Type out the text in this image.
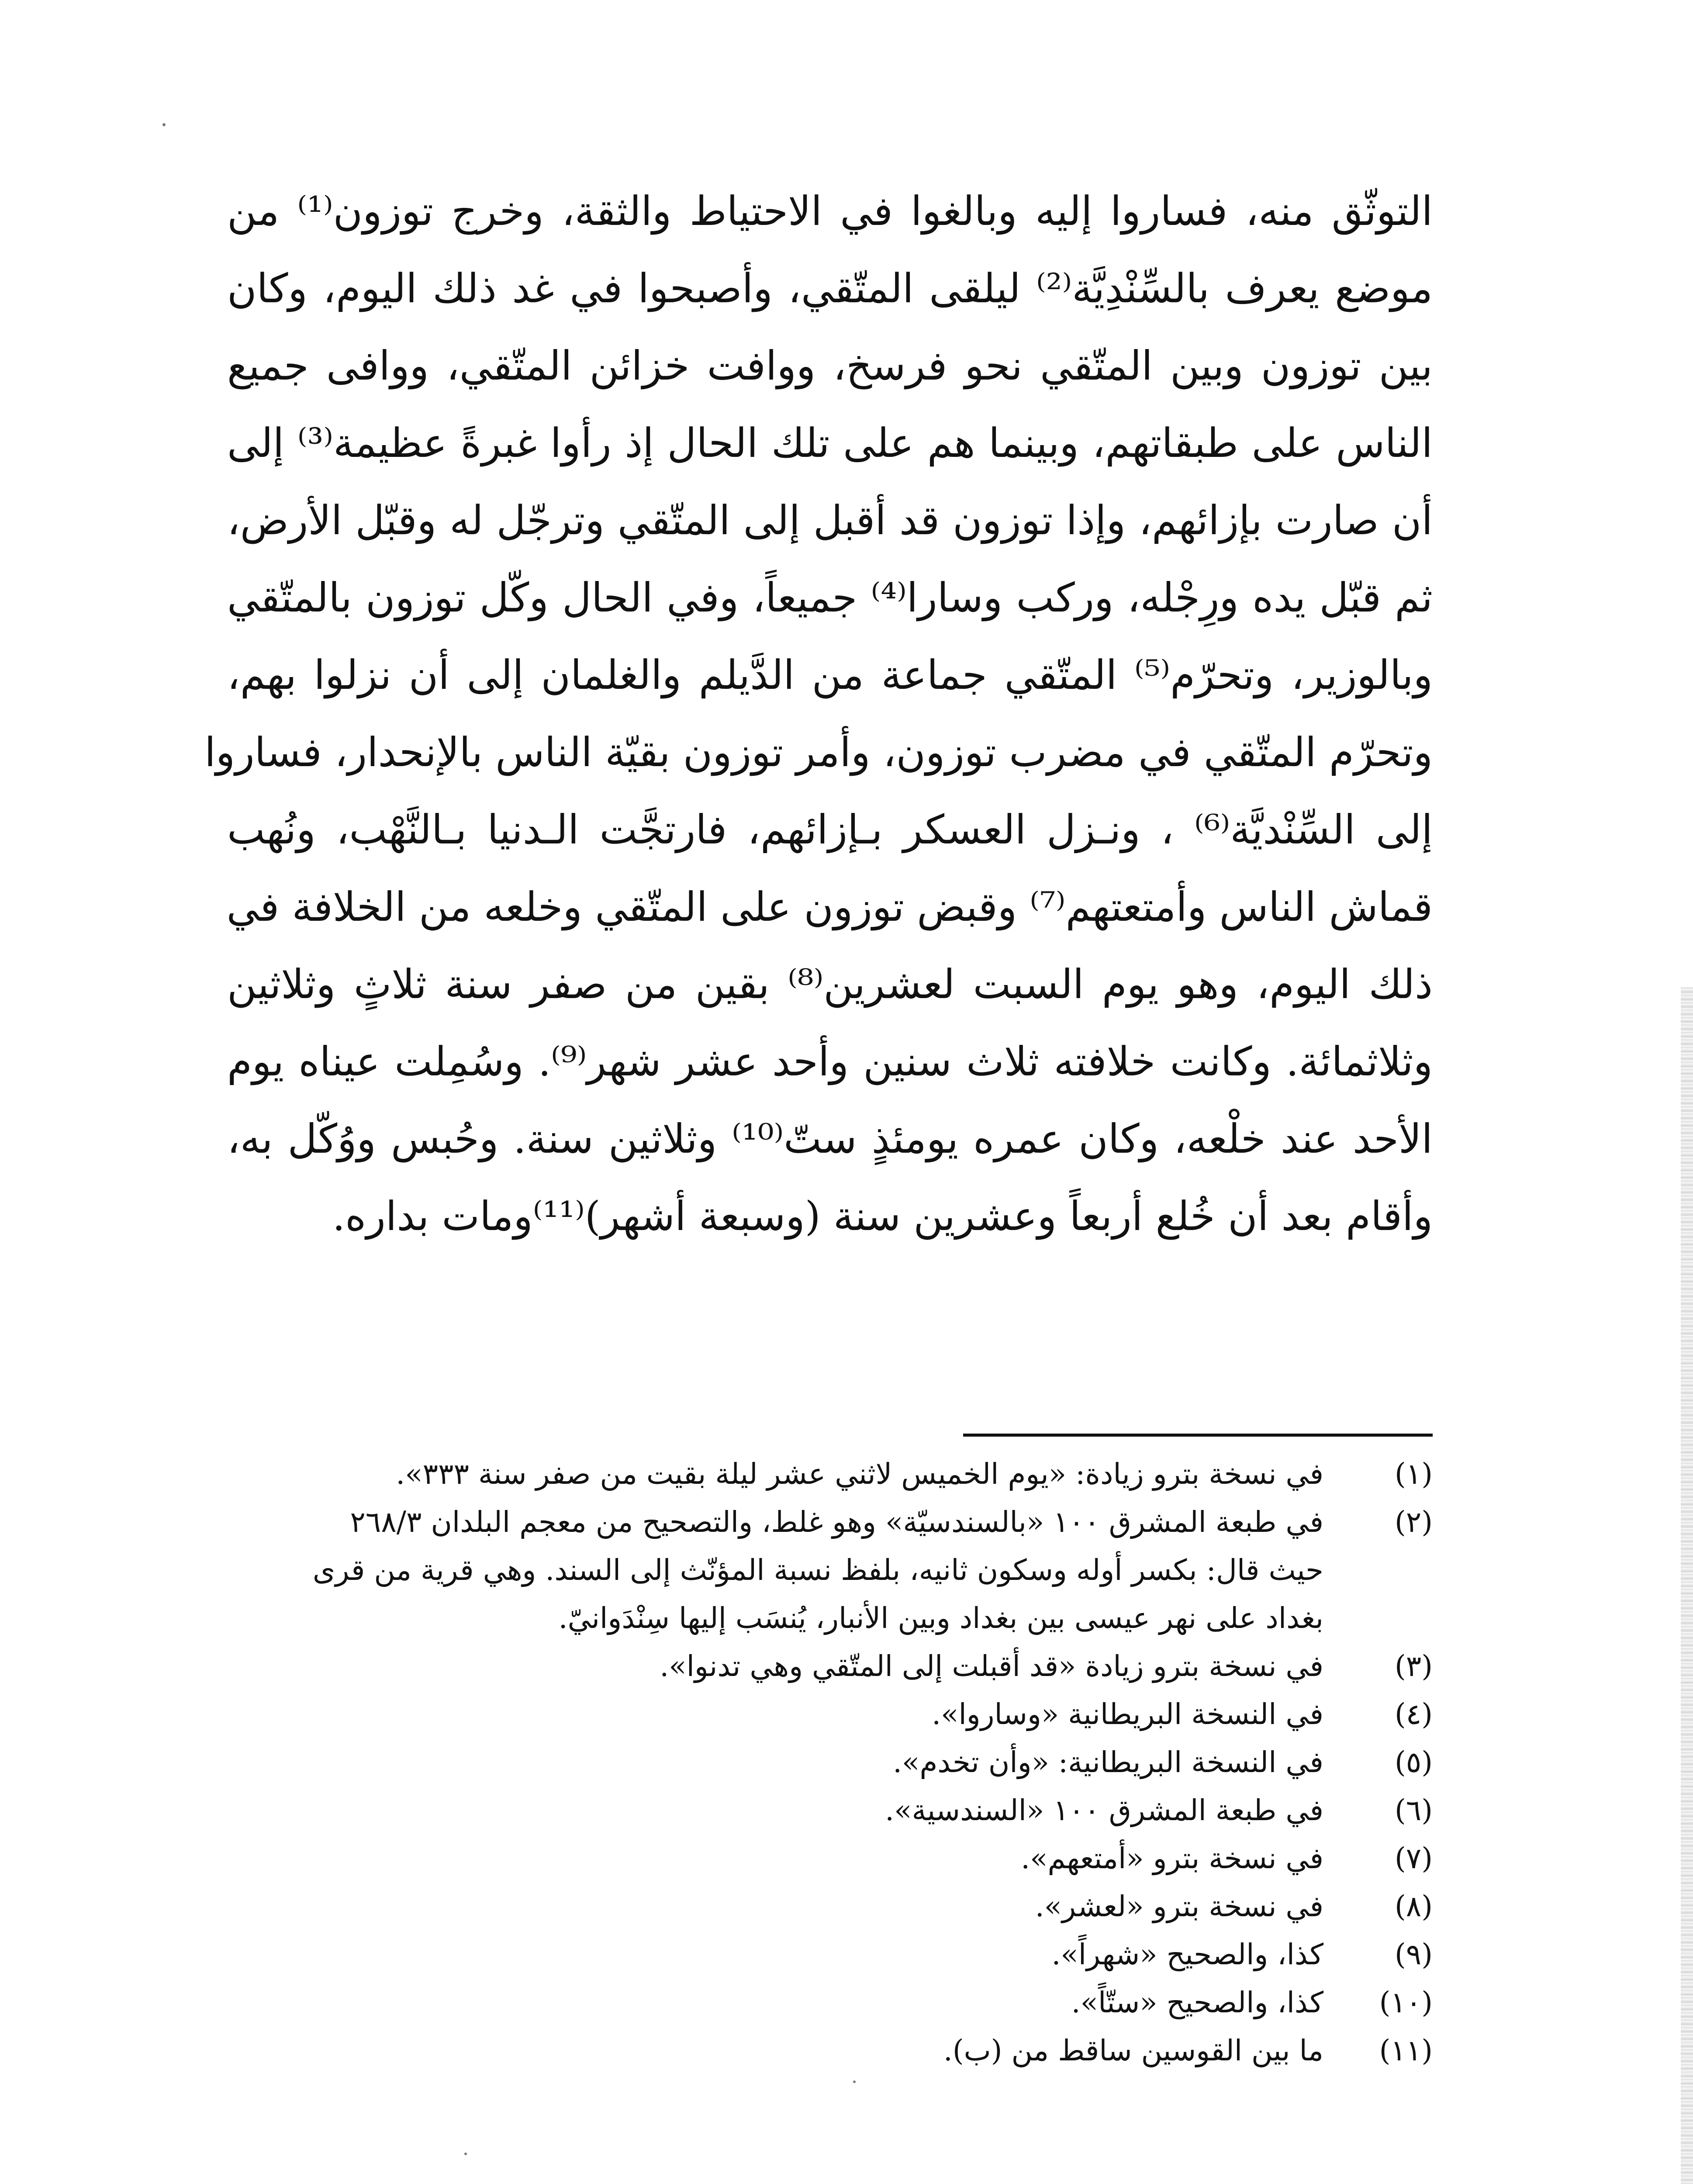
التوثّق منه، فساروا إليه وبالغوا في الاحتياط والثقة، وخرج توزون⁽¹⁾ من
موضع يعرف بالسِّنْدِيَّة⁽²⁾ ليلقى المتّقي، وأصبحوا في غد ذلك اليوم، وكان
بين توزون وبين المتّقي نحو فرسخ، ووافت خزائن المتّقي، ووافى جميع
الناس على طبقاتهم، وبينما هم على تلك الحال إذ رأوا غبرةً عظيمة⁽³⁾ إلى
أن صارت بإزائهم، وإذا توزون قد أقبل إلى المتّقي وترجّل له وقبّل الأرض،
ثم قبّل يده ورِجْله، وركب وسارا⁽⁴⁾ جميعاً، وفي الحال وكّل توزون بالمتّقي
وبالوزير، وتحرّم⁽⁵⁾ المتّقي جماعة من الدَّيلم والغلمان إلى أن نزلوا بهم،
وتحرّم المتّقي في مضرب توزون، وأمر توزون بقيّة الناس بالإنحدار، فساروا
إلى السِّنْديَّة⁽⁶⁾ ، ونـزل العسكر بـإزائهم، فارتجَّت الـدنيا بـالنَّهْب، ونُهب
قماش الناس وأمتعتهم⁽⁷⁾ وقبض توزون على المتّقي وخلعه من الخلافة في
ذلك اليوم، وهو يوم السبت لعشرين⁽⁸⁾ بقين من صفر سنة ثلاثٍ وثلاثين
وثلاثمائة. وكانت خلافته ثلاث سنين وأحد عشر شهر⁽⁹⁾. وسُمِلت عيناه يوم
الأحد عند خلْعه، وكان عمره يومئذٍ ستّ⁽¹⁰⁾ وثلاثين سنة. وحُبس ووُكّل به،
وأقام بعد أن خُلع أربعاً وعشرين سنة (وسبعة أشهر)⁽¹¹⁾ومات بداره.
(١)
في نسخة بترو زيادة: «يوم الخميس لاثني عشر ليلة بقيت من صفر سنة ٣٣٣».
(٢)
في طبعة المشرق ١٠٠ «بالسندسيّة» وهو غلط، والتصحيح من معجم البلدان ٢٦٨/٣
حيث قال: بكسر أوله وسكون ثانيه، بلفظ نسبة المؤنّث إلى السند. وهي قرية من قرى
بغداد على نهر عيسى بين بغداد وبين الأنبار، يُنسَب إليها سِنْدَوانيّ.
(٣)
في نسخة بترو زيادة «قد أقبلت إلى المتّقي وهي تدنوا».
(٤)
في النسخة البريطانية «وساروا».
(٥)
في النسخة البريطانية: «وأن تخدم».
(٦)
في طبعة المشرق ١٠٠ «السندسية».
(٧)
في نسخة بترو «أمتعهم».
(٨)
في نسخة بترو «لعشر».
(٩)
كذا، والصحيح «شهراً».
(١٠)
كذا، والصحيح «ستّاً».
(١١)
ما بين القوسين ساقط من (ب).
